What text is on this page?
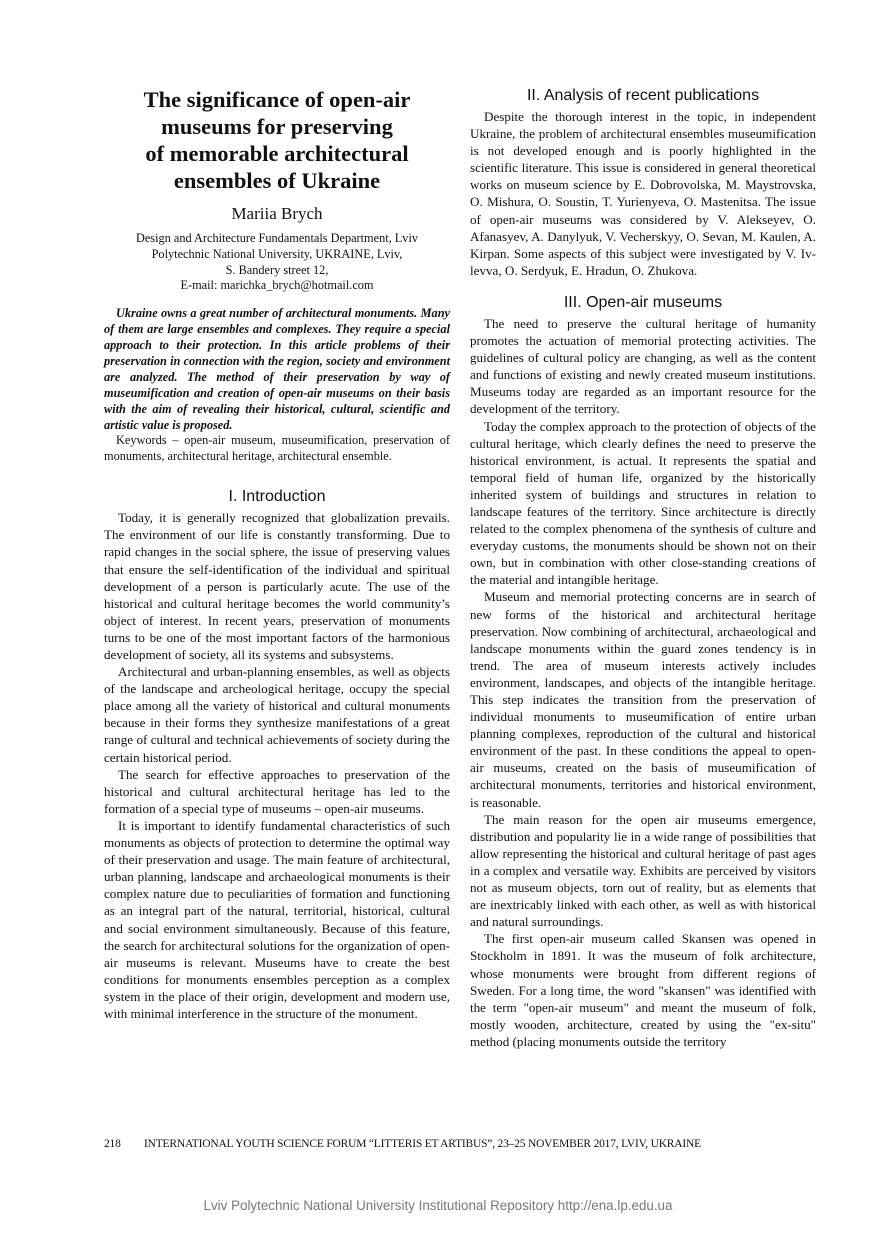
The significance of open-air
museums for preserving
of memorable architectural
ensembles of Ukraine
Mariia Brych
Design and Architecture Fundamentals Department, Lviv
Polytechnic National University, UKRAINE, Lviv,
S. Bandery street 12,
E-mail: marichka_brych@hotmail.com

Ukraine owns a great number of architectural monuments. Many of them are large ensembles and complexes. They require a special approach to their protection. In this article problems of their preservation in connection with the region, society and environment are analyzed. The method of their preservation by way of museumification and creation of open-air museums on their basis with the aim of revealing their historical, cultural, scientific and artistic value is proposed.

Keywords – open-air museum, museumification, preservation of monuments, architectural heritage, architectural ensemble.

I. Introduction

Today, it is generally recognized that globalization prevails. The environment of our life is constantly transforming. Due to rapid changes in the social sphere, the issue of preserving values that ensure the self-identification of the individual and spiritual development of a person is particularly acute. The use of the historical and cultural heritage becomes the world community’s object of interest. In recent years, preservation of monuments turns to be one of the most important factors of the harmonious development of society, all its systems and subsystems.

Architectural and urban-planning ensembles, as well as objects of the landscape and archeological heritage, occupy the special place among all the variety of historical and cultural monuments because in their forms they synthesize manifestations of a great range of cultural and technical achievements of society during the certain historical period.

The search for effective approaches to preservation of the historical and cultural architectural heritage has led to the formation of a special type of museums – open-air museums.

It is important to identify fundamental characteristics of such monuments as objects of protection to determine the optimal way of their preservation and usage. The main feature of architectural, urban planning, landscape and archaeological monuments is their complex nature due to peculiarities of formation and functioning as an integral part of the natural, territorial, historical, cultural and social environment simultaneously. Because of this feature, the search for architectural solutions for the organization of open-air museums is relevant. Museums have to create the best conditions for monuments ensembles perception as a complex system in the place of their origin, development and modern use, with minimal interference in the structure of the monument.

II. Analysis of recent publications

Despite the thorough interest in the topic, in independent Ukraine, the problem of architectural ensembles museumification is not developed enough and is poorly highlighted in the scientific literature. This issue is considered in general theoretical works on museum science by E. Dobrovolska, M. Maystrovska, O. Mishura, O. Soustin, T. Yurienyeva, O. Mastenitsa. The issue of open-air museums was considered by V. Alekseyev, O. Afanasyev, A. Danylyuk, V. Vecherskyy, O. Sevan, M. Kaulen, A. Kirpan. Some aspects of this subject were investigated by V. Ivlevva, O. Serdyuk, E. Hradun, O. Zhukova.

III. Open-air museums

The need to preserve the cultural heritage of humanity promotes the actuation of memorial protecting activities. The guidelines of cultural policy are changing, as well as the content and functions of existing and newly created museum institutions. Museums today are regarded as an important resource for the development of the territory.

Today the complex approach to the protection of objects of the cultural heritage, which clearly defines the need to preserve the historical environment, is actual. It represents the spatial and temporal field of human life, organized by the historically inherited system of buildings and structures in relation to landscape features of the territory. Since architecture is directly related to the complex phenomena of the synthesis of culture and everyday customs, the monuments should be shown not on their own, but in combination with other close-standing creations of the material and intangible heritage.

Museum and memorial protecting concerns are in search of new forms of the historical and architectural heritage preservation. Now combining of architectural, archaeological and landscape monuments within the guard zones tendency is in trend. The area of museum interests actively includes environment, landscapes, and objects of the intangible heritage. This step indicates the transition from the preservation of individual monuments to museumification of entire urban planning complexes, reproduction of the cultural and historical environment of the past. In these conditions the appeal to open-air museums, created on the basis of museumification of architectural monuments, territories and historical environment, is reasonable.

The main reason for the open air museums emergence, distribution and popularity lie in a wide range of possibilities that allow representing the historical and cultural heritage of past ages in a complex and versatile way. Exhibits are perceived by visitors not as museum objects, torn out of reality, but as elements that are inextricably linked with each other, as well as with historical and natural surroundings.

The first open-air museum called Skansen was opened in Stockholm in 1891. It was the museum of folk architecture, whose monuments were brought from different regions of Sweden. For a long time, the word "skansen" was identified with the term "open-air museum" and meant the museum of folk, mostly wooden, architecture, created by using the "ex-situ" method (placing monuments outside the territory

218 INTERNATIONAL YOUTH SCIENCE FORUM “LITTERIS ET ARTIBUS”, 23–25 NOVEMBER 2017, LVIV, UKRAINE
Lviv Polytechnic National University Institutional Repository http://ena.lp.edu.ua
